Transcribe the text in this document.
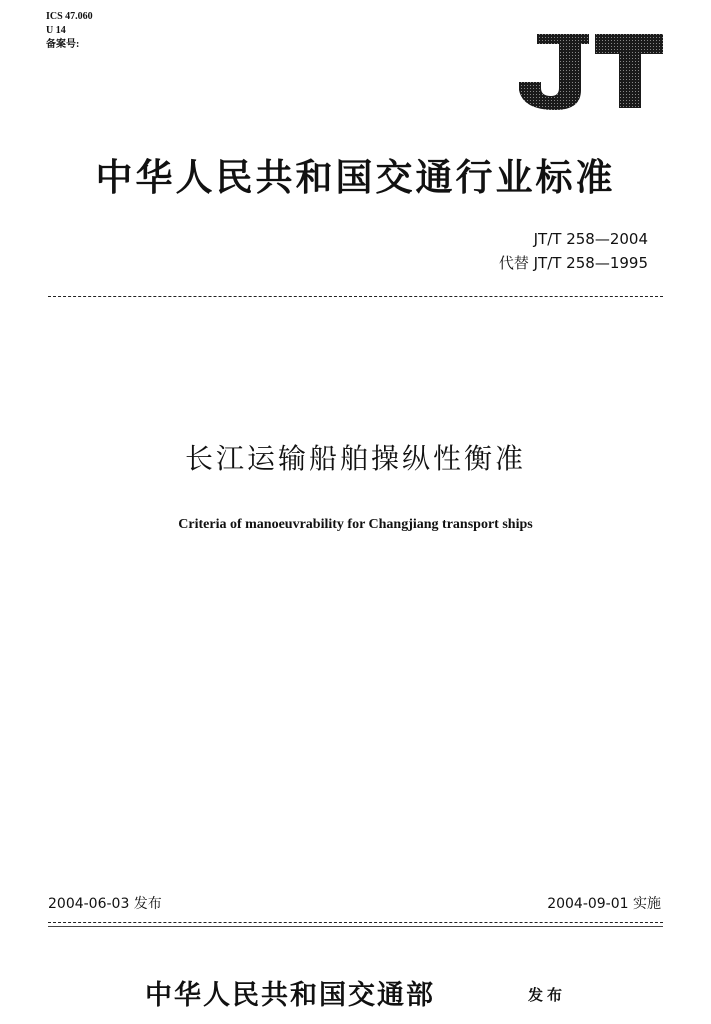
ICS 47.060
U 14
备案号:
JT
中华人民共和国交通行业标准
JT/T 258—2004
代替 JT/T 258—1995
长江运输船舶操纵性衡准
Criteria of manoeuvrability for Changjiang transport ships
2004-06-03 发布	2004-09-01 实施
中华人民共和国交通部	发布
